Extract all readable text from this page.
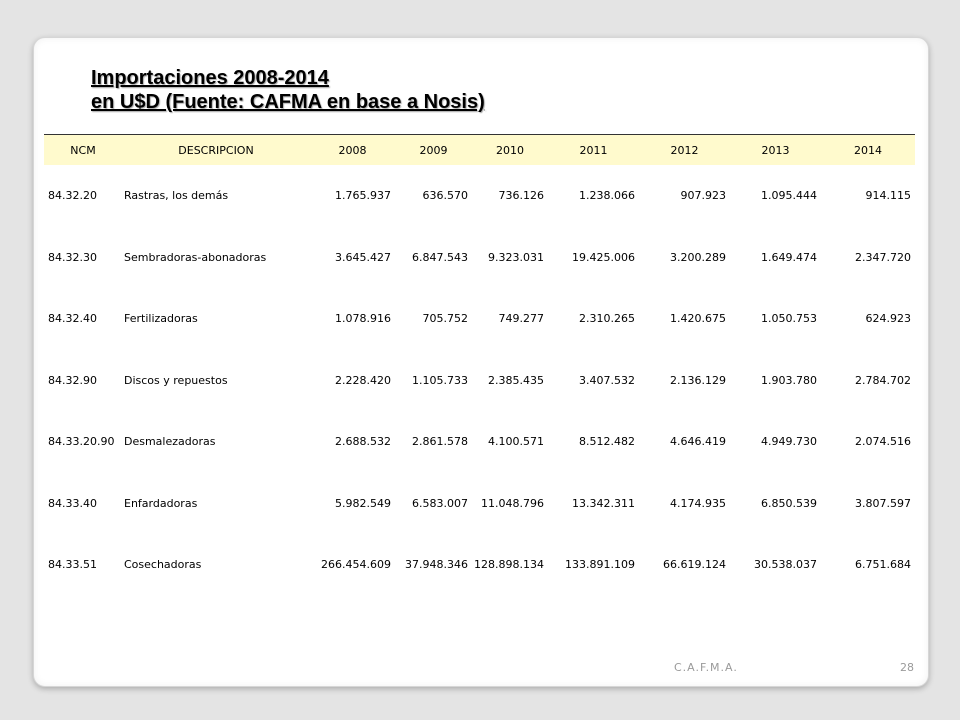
Importaciones 2008-2014
en U$D (Fuente: CAFMA en base a Nosis)
NCM	DESCRIPCION	2008	2009	2010	2011	2012	2013	2014
84.32.20	Rastras, los demás	1.765.937	636.570	736.126	1.238.066	907.923	1.095.444	914.115
84.32.30	Sembradoras-abonadoras	3.645.427	6.847.543	9.323.031	19.425.006	3.200.289	1.649.474	2.347.720
84.32.40	Fertilizadoras	1.078.916	705.752	749.277	2.310.265	1.420.675	1.050.753	624.923
84.32.90	Discos y repuestos	2.228.420	1.105.733	2.385.435	3.407.532	2.136.129	1.903.780	2.784.702
84.33.20.90	Desmalezadoras	2.688.532	2.861.578	4.100.571	8.512.482	4.646.419	4.949.730	2.074.516
84.33.40	Enfardadoras	5.982.549	6.583.007	11.048.796	13.342.311	4.174.935	6.850.539	3.807.597
84.33.51	Cosechadoras	266.454.609	37.948.346	128.898.134	133.891.109	66.619.124	30.538.037	6.751.684
C.A.F.M.A.	28
